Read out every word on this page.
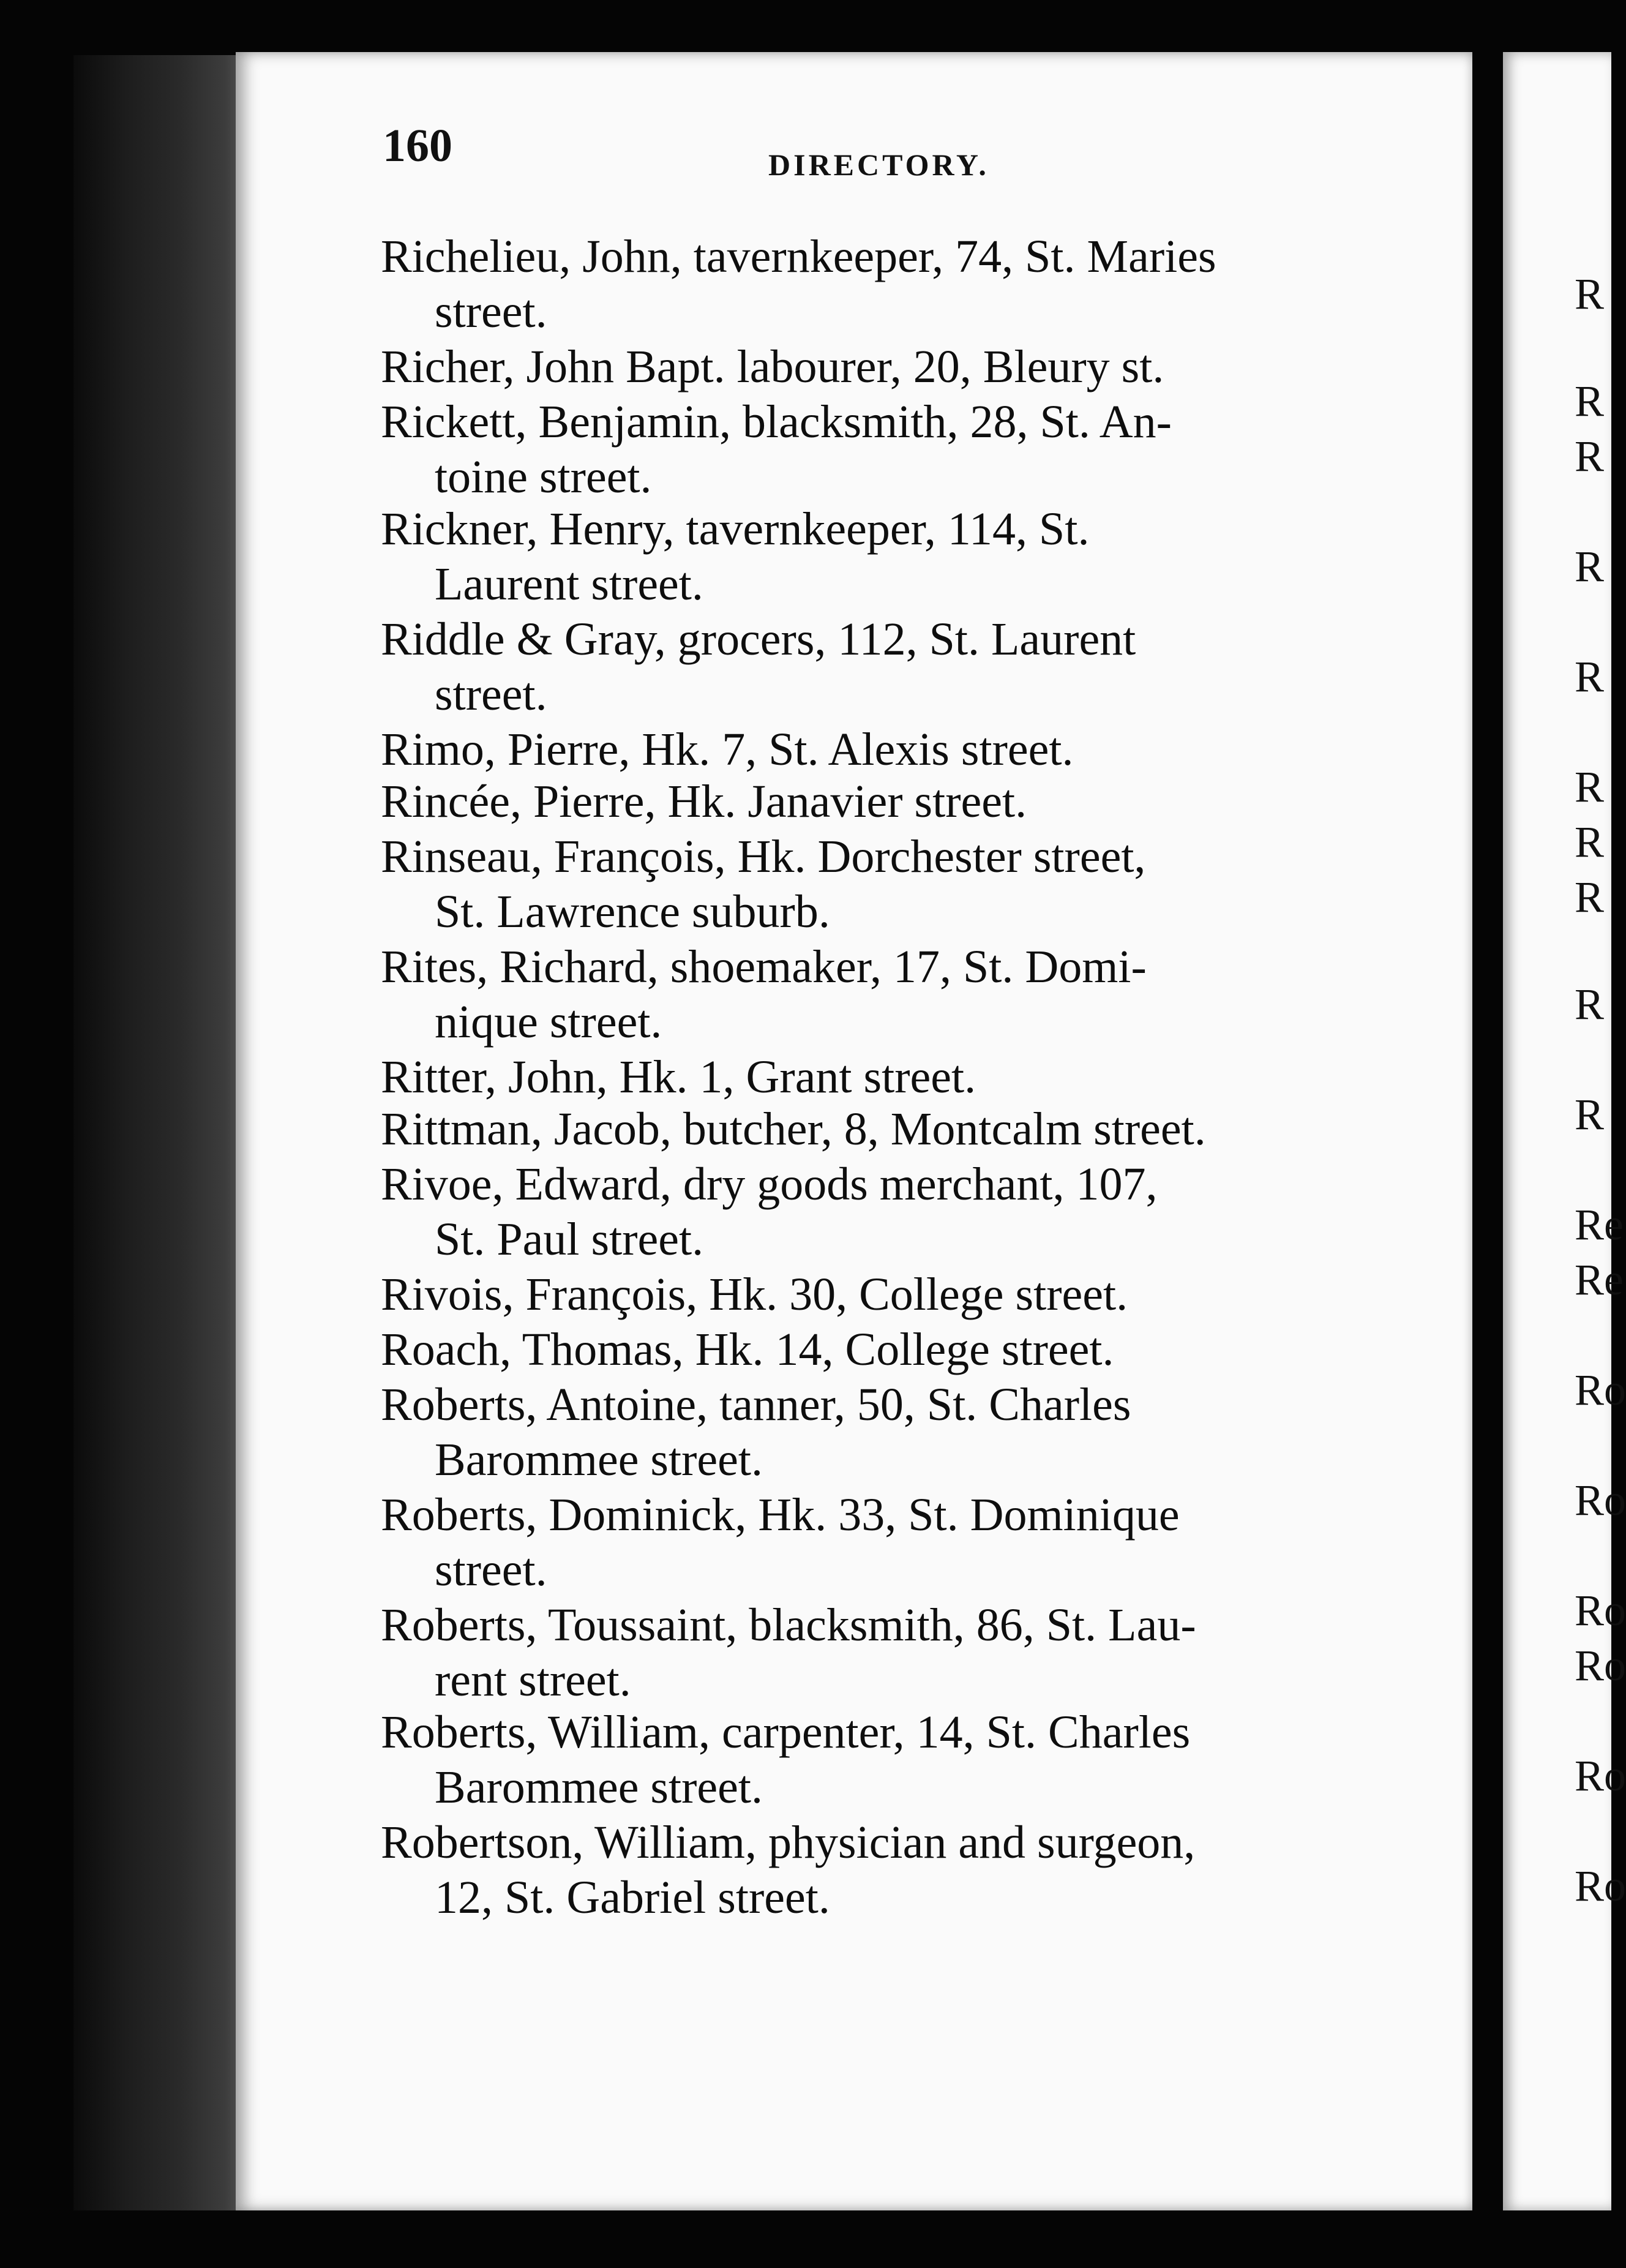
160	DIRECTORY.
Richelieu, John, tavernkeeper, 74, St. Maries
street.
Richer, John Bapt. labourer, 20, Bleury st.
Rickett, Benjamin, blacksmith, 28, St. An-
toine street.
Rickner, Henry, tavernkeeper, 114, St.
Laurent street.
Riddle & Gray, grocers, 112, St. Laurent
street.
Rimo, Pierre, Hk. 7, St. Alexis street.
Rincée, Pierre, Hk. Janavier street.
Rinseau, François, Hk. Dorchester street,
St. Lawrence suburb.
Rites, Richard, shoemaker, 17, St. Domi-
nique street.
Ritter, John, Hk. 1, Grant street.
Rittman, Jacob, butcher, 8, Montcalm street.
Rivoe, Edward, dry goods merchant, 107,
St. Paul street.
Rivois, François, Hk. 30, College street.
Roach, Thomas, Hk. 14, College street.
Roberts, Antoine, tanner, 50, St. Charles
Barommee street.
Roberts, Dominick, Hk. 33, St. Dominique
street.
Roberts, Toussaint, blacksmith, 86, St. Lau-
rent street.
Roberts, William, carpenter, 14, St. Charles
Barommee street.
Robertson, William, physician and surgeon,
12, St. Gabriel street.
R
R
R
R
R
R
R
R
R
R
Re
Re
Ro
Ro
Ro
Ro
Ro
Ro
